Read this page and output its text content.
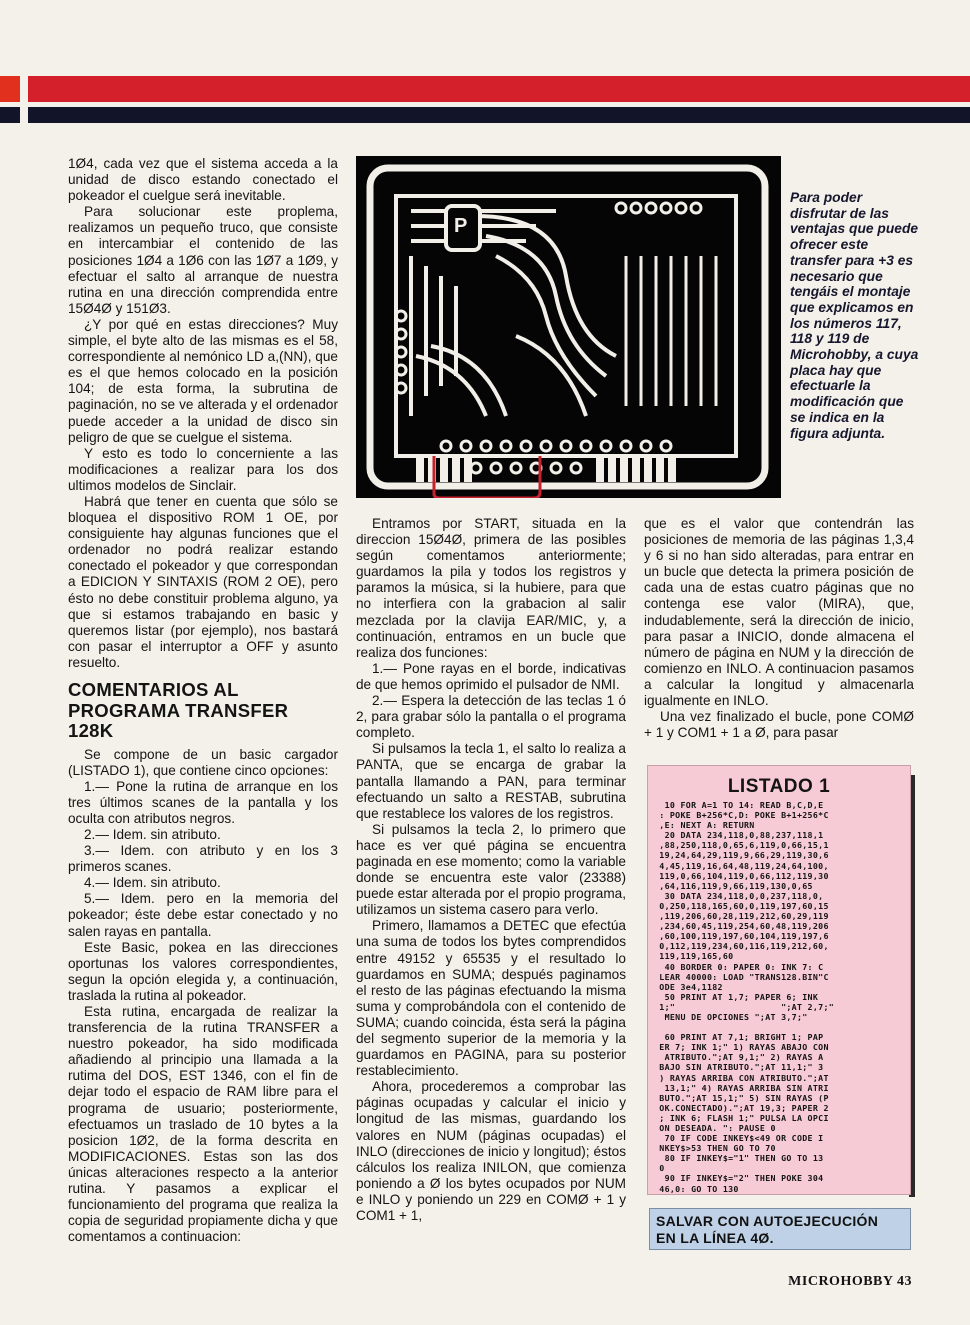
1Ø4, cada vez que el sistema acceda a la unidad de disco estando conectado el pokeador el cuelgue será inevitable.

Para solucionar este proplema, realizamos un pequeño truco, que consiste en intercambiar el contenido de las posiciones 1Ø4 a 1Ø6 con las 1Ø7 a 1Ø9, y efectuar el salto al arranque de nuestra rutina en una dirección comprendida entre 15Ø4Ø y 151Ø3.

¿Y por qué en estas direcciones? Muy simple, el byte alto de las mismas es el 58, correspondiente al nemónico LD a,(NN), que es el que hemos colocado en la posición 104; de esta forma, la subrutina de paginación, no se ve alterada y el ordenador puede acceder a la unidad de disco sin peligro de que se cuelgue el sistema.

Y esto es todo lo concerniente a las modificaciones a realizar para los dos ultimos modelos de Sinclair.

Habrá que tener en cuenta que sólo se bloquea el dispositivo ROM 1 OE, por consiguiente hay algunas funciones que el ordenador no podrá realizar estando conectado el pokeador y que correspondan a EDICION Y SINTAXIS (ROM 2 OE), pero ésto no debe constituir problema alguno, ya que si estamos trabajando en basic y queremos listar (por ejemplo), nos bastará con pasar el interruptor a OFF y asunto resuelto.

COMENTARIOS AL PROGRAMA TRANSFER 128K

Se compone de un basic cargador (LISTADO 1), que contiene cinco opciones:

1.— Pone la rutina de arranque en los tres últimos scanes de la pantalla y los oculta con atributos negros.

2.— Idem. sin atributo.

3.— Idem. con atributo y en los 3 primeros scanes.

4.— Idem. sin atributo.

5.— Idem. pero en la memoria del pokeador; éste debe estar conectado y no salen rayas en pantalla.

Este Basic, pokea en las direcciones oportunas los valores correspondientes, segun la opción elegida y, a continuación, traslada la rutina al pokeador.

Esta rutina, encargada de realizar la transferencia de la rutina TRANSFER a nuestro pokeador, ha sido modificada añadiendo al principio una llamada a la rutima del DOS, EST 1346, con el fin de dejar todo el espacio de RAM libre para el programa de usuario; posteriormente, efectuamos un traslado de 10 bytes a la posicion 1Ø2, de la forma descrita en MODIFICACIONES. Estas son las dos únicas alteraciones respecto a la anterior rutina. Y pasamos a explicar el funcionamiento del programa que realiza la copia de seguridad propiamente dicha y que comentamos a continuacion:

P

Para poder disfrutar de las ventajas que puede ofrecer este transfer para +3 es necesario que tengáis el montaje que explicamos en los números 117, 118 y 119 de Microhobby, a cuya placa hay que efectuarle la modificación que se indica en la figura adjunta.

Entramos por START, situada en la direccion 15Ø4Ø, primera de las posibles según comentamos anteriormente; guardamos la pila y todos los registros y paramos la música, si la hubiere, para que no interfiera con la grabacion al salir mezclada por la clavija EAR/MIC, y, a continuación, entramos en un bucle que realiza dos funciones:

1.— Pone rayas en el borde, indicativas de que hemos oprimido el pulsador de NMI.

2.— Espera la detección de las teclas 1 ó 2, para grabar sólo la pantalla o el programa completo.

Si pulsamos la tecla 1, el salto lo realiza a PANTA, que se encarga de grabar la pantalla llamando a PAN, para terminar efectuando un salto a RESTAB, subrutina que restablece los valores de los registros.

Si pulsamos la tecla 2, lo primero que hace es ver qué página se encuentra paginada en ese momento; como la variable donde se encuentra este valor (23388) puede estar alterada por el propio programa, utilizamos un sistema casero para verlo.

Primero, llamamos a DETEC que efectúa una suma de todos los bytes comprendidos entre 49152 y 65535 y el resultado lo guardamos en SUMA; después paginamos el resto de las páginas efectuando la misma suma y comprobándola con el contenido de SUMA; cuando coincida, ésta será la página del segmento superior de la memoria y la guardamos en PAGINA, para su posterior restablecimiento.

Ahora, procederemos a comprobar las páginas ocupadas y calcular el inicio y longitud de las mismas, guardando los valores en NUM (páginas ocupadas) el INLO (direcciones de inicio y longitud); éstos cálculos los realiza INILON, que comienza poniendo a Ø los bytes ocupados por NUM e INLO y poniendo un 229 en COMØ + 1 y COM1 + 1,

que es el valor que contendrán las posiciones de memoria de las páginas 1,3,4 y 6 si no han sido alteradas, para entrar en un bucle que detecta la primera posición de cada una de estas cuatro páginas que no contenga ese valor (MIRA), que, indudablemente, será la dirección de inicio, para pasar a INICIO, donde almacena el número de página en NUM y la dirección de comienzo en INLO. A continuacion pasamos a calcular la longitud y almacenarla igualmente en INLO.

Una vez finalizado el bucle, pone COMØ + 1 y COM1 + 1 a Ø, para pasar

LISTADO 1
10 FOR A=1 TO 14: READ B,C,D,E
: POKE B+256*C,D: POKE B+1+256*C
,E: NEXT A: RETURN
20 DATA 234,118,0,88,237,118,1
,88,250,118,0,65,6,119,0,66,15,1
19,24,64,29,119,9,66,29,119,30,6
4,45,119,16,64,48,119,24,64,100,
119,0,66,104,119,0,66,112,119,30
,64,116,119,9,66,119,130,0,65
30 DATA 234,118,0,0,237,118,0,
0,250,118,165,60,0,119,197,60,15
,119,206,60,28,119,212,60,29,119
,234,60,45,119,254,60,48,119,206
,60,100,119,197,60,104,119,197,6
0,112,119,234,60,116,119,212,60,
119,119,165,60
40 BORDER 0: PAPER 0: INK 7: C
LEAR 40000: LOAD "TRANS128.BIN"C
ODE 3e4,1182
50 PRINT AT 1,7; PAPER 6; INK
1;"                    ";AT 2,7;"
MENU DE OPCIONES ";AT 3,7;"

60 PRINT AT 7,1; BRIGHT 1; PAP
ER 7; INK 1;" 1) RAYAS ABAJO CON
ATRIBUTO.";AT 9,1;" 2) RAYAS A
BAJO SIN ATRIBUTO.";AT 11,1;" 3
) RAYAS ARRIBA CON ATRIBUTO.";AT
13,1;" 4) RAYAS ARRIBA SIN ATRI
BUTO.";AT 15,1;" 5) SIN RAYAS (P
OK.CONECTADO).";AT 19,3; PAPER 2
; INK 6; FLASH 1;" PULSA LA OPCI
ON DESEADA. ": PAUSE 0
70 IF CODE INKEY$<49 OR CODE I
NKEY$>53 THEN GO TO 70
80 IF INKEY$="1" THEN GO TO 13
0
90 IF INKEY$="2" THEN POKE 304
46,0: GO TO 130
SALVAR CON AUTOEJECUCIÓN
EN LA LÍNEA 4Ø.
MICROHOBBY 43
